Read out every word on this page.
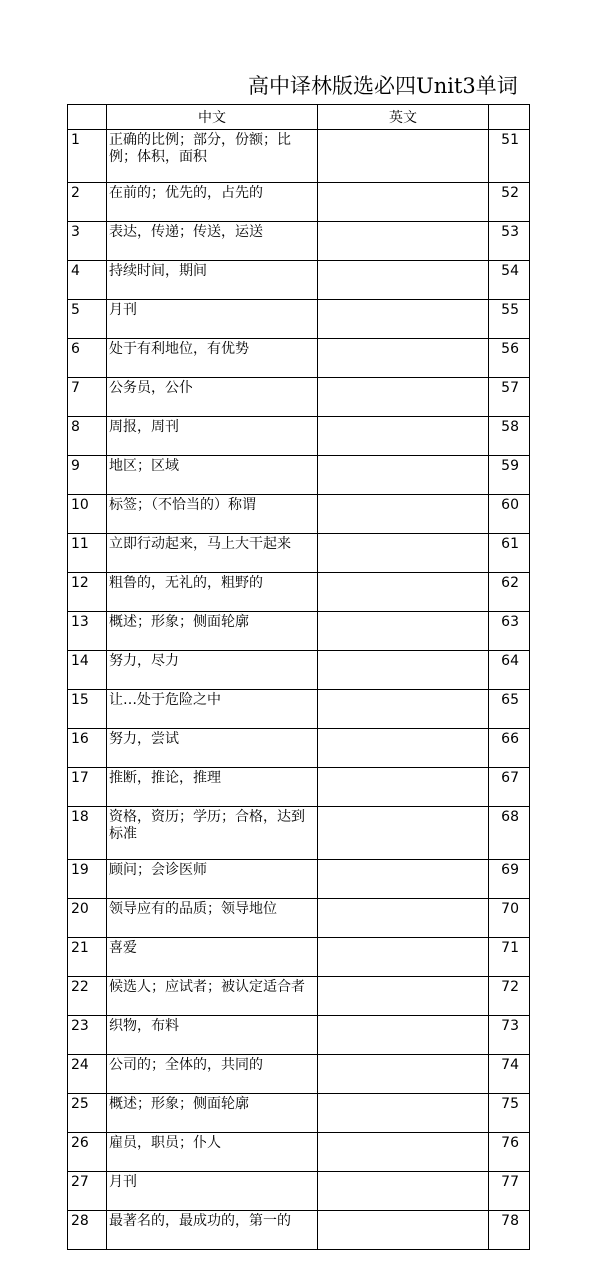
高中译林版选必四Unit3单词
	中文	英文	
1	正确的比例；部分，份额；比例；体积，面积		51
2	在前的；优先的，占先的		52
3	表达，传递；传送，运送		53
4	持续时间，期间		54
5	月刊		55
6	处于有利地位，有优势		56
7	公务员，公仆		57
8	周报，周刊		58
9	地区；区域		59
10	标签；（不恰当的）称谓		60
11	立即行动起来，马上大干起来		61
12	粗鲁的，无礼的，粗野的		62
13	概述；形象；侧面轮廓		63
14	努力，尽力		64
15	让…处于危险之中		65
16	努力，尝试		66
17	推断，推论，推理		67
18	资格，资历；学历；合格，达到标准		68
19	顾问；会诊医师		69
20	领导应有的品质；领导地位		70
21	喜爱		71
22	候选人；应试者；被认定适合者		72
23	织物，布料		73
24	公司的；全体的，共同的		74
25	概述；形象；侧面轮廓		75
26	雇员，职员；仆人		76
27	月刊		77
28	最著名的，最成功的，第一的		78
